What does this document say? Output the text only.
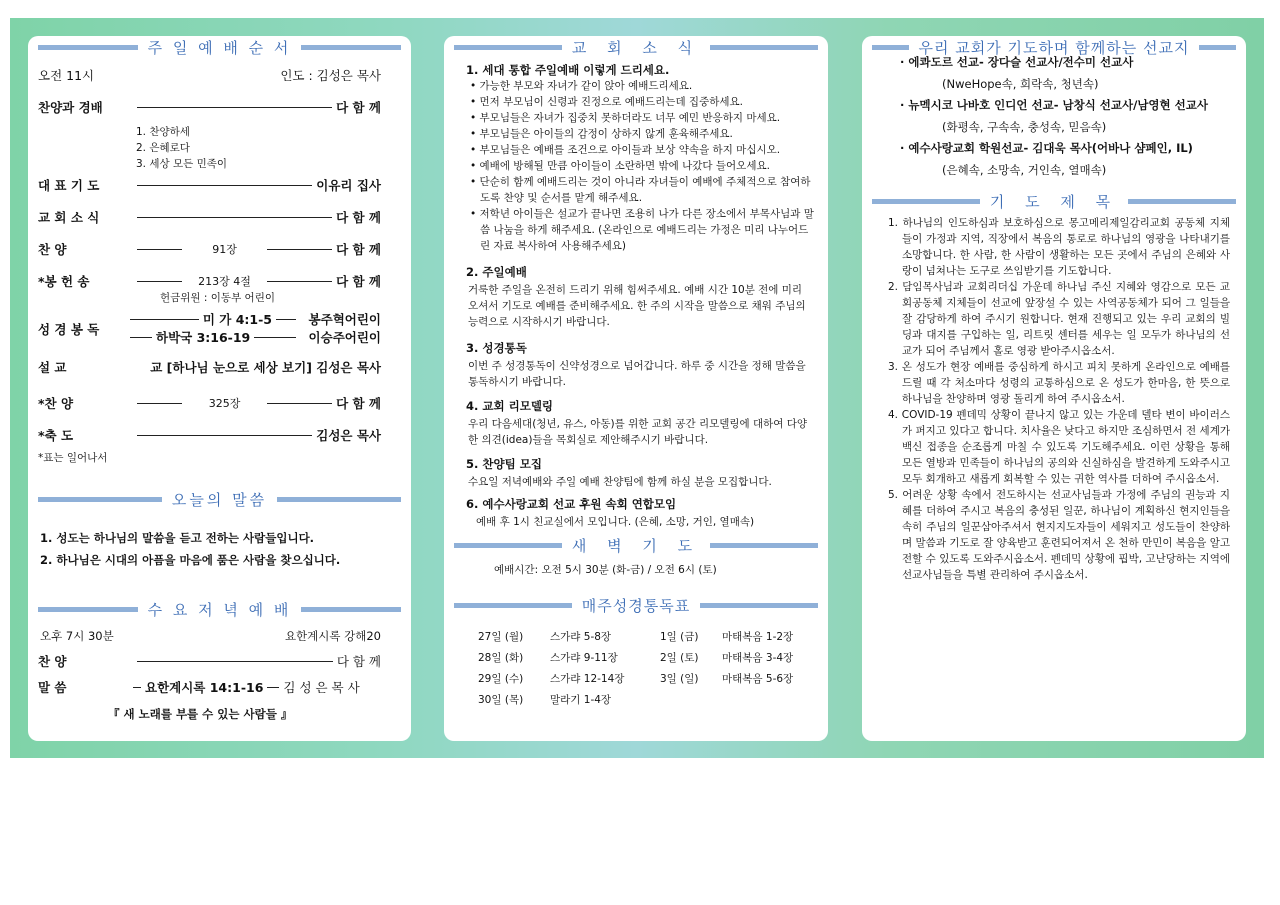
주 일 예 배 순 서
오전 11시	인도 : 김성은 목사
찬양과 경배	다 함 께
1. 찬양하세
2. 은혜로다
3. 세상 모든 민족이
대 표 기 도	이유리 집사
교 회 소 식	다 함 께
찬 양	91장	다 함 께
*봉 헌 송	213장 4절	다 함 께
헌금위원 : 이동부 어린이
성 경 봉 독
미 가 4:1-5	봉주혁어린이
하박국 3:16-19	이승주어린이
설 교	교 [하나님 눈으로 세상 보기] 김성은 목사
*찬 양	325장	다 함 께
*축 도	김성은 목사
*표는 일어나서
오늘의 말씀
1. 성도는 하나님의 말씀을 듣고 전하는 사람들입니다.
2. 하나님은 시대의 아픔을 마음에 품은 사람을 찾으십니다.
수 요 저 녁 예 배
오후 7시 30분	요한계시록 강해20
찬 양	다 함 께
말 씀	요한계시록 14:1-16 김 성 은 목 사
『 새 노래를 부를 수 있는 사람들 』
교 회 소 식
1. 세대 통합 주일예배 이렇게 드리세요.

• 가능한 부모와 자녀가 같이 앉아 예배드리세요.

• 먼저 부모님이 신령과 진정으로 예배드리는데 집중하세요.

• 부모님들은 자녀가 집중치 못하더라도 너무 예민 반응하지 마세요.

• 부모님들은 아이들의 감정이 상하지 않게 훈육해주세요.

• 부모님들은 예배를 조건으로 아이들과 보상 약속을 하지 마십시오.

• 예배에 방해될 만큼 아이들이 소란하면 밖에 나갔다 들어오세요.

• 단순히 함께 예배드리는 것이 아니라 자녀들이 예배에 주체적으로 참여하도록 찬양 및 순서를 맡게 해주세요.

• 저학년 아이들은 설교가 끝나면 조용히 나가 다른 장소에서 부목사님과 말씀 나눔을 하게 해주세요. (온라인으로 예배드리는 가정은 미리 나누어드린 자료 복사하여 사용해주세요)

2. 주일예배
거룩한 주일을 온전히 드리기 위해 힘써주세요. 예배 시간 10분 전에 미리 오셔서 기도로 예배를 준비해주세요. 한 주의 시작을 말씀으로 채워 주님의 능력으로 시작하시기 바랍니다.
3. 성경통독
이번 주 성경통독이 신약성경으로 넘어갑니다. 하루 중 시간을 정해 말씀을 통독하시기 바랍니다.
4. 교회 리모델링
우리 다음세대(청년, 유스, 아동)를 위한 교회 공간 리모델링에 대하여 다양한 의견(idea)들을 목회실로 제안해주시기 바랍니다.
5. 찬양팀 모집
수요일 저녁예배와 주일 예배 찬양팀에 함께 하실 분을 모집합니다.
6. 예수사랑교회 선교 후원 속회 연합모임
예배 후 1시 친교실에서 모입니다. (은혜, 소망, 거인, 열매속)
새 벽 기 도
예배시간: 오전 5시 30분 (화-금) / 오전 6시 (토)
매주성경통독표
27일 (월)	스가랴 5-8장	1일 (금)	마태복음 1-2장
28일 (화)	스가랴 9-11장	2일 (토)	마태복음 3-4장
29일 (수)	스가랴 12-14장	3일 (일)	마태복음 5-6장
30일 (목)	말라기 1-4장		
우리 교회가 기도하며 함께하는 선교지
· 에콰도르 선교- 장다슬 선교사/전수미 선교사
(NweHope속, 희락속, 청년속)
· 뉴멕시코 나바호 인디언 선교- 남창식 선교사/남영현 선교사
(화평속, 구속속, 충성속, 믿음속)
· 예수사랑교회 학원선교- 김대욱 목사(어바나 샴페인, IL)
(은혜속, 소망속, 거인속, 열매속)
기 도 제 목
1. 하나님의 인도하심과 보호하심으로 몽고메리제일감리교회 공동체 지체들이 가정과 지역, 직장에서 복음의 통로로 하나님의 영광을 나타내기를 소망합니다. 한 사람, 한 사람이 생활하는 모든 곳에서 주님의 은혜와 사랑이 넘쳐나는 도구로 쓰임받기를 기도합니다.
2. 담임목사님과 교회리더십 가운데 하나님 주신 지혜와 영감으로 모든 교회공동체 지체들이 선교에 앞장설 수 있는 사역공동체가 되어 그 일들을 잘 감당하게 하여 주시기 원합니다. 현재 진행되고 있는 우리 교회의 빌딩과 대지를 구입하는 일, 리트릿 센터를 세우는 일 모두가 하나님의 선교가 되어 주님께서 홀로 영광 받아주시옵소서.
3. 온 성도가 현장 예배를 중심하게 하시고 피치 못하게 온라인으로 예배를 드릴 때 각 처소마다 성령의 교통하심으로 온 성도가 한마음, 한 뜻으로 하나님을 찬양하며 영광 돌리게 하여 주시옵소서.
4. COVID-19 펜데믹 상황이 끝나지 않고 있는 가운데 델타 변이 바이러스가 퍼지고 있다고 합니다. 치사율은 낮다고 하지만 조심하면서 전 세계가 백신 접종을 순조롭게 마칠 수 있도록 기도해주세요. 이런 상황을 통해 모든 열방과 민족들이 하나님의 공의와 신실하심을 발견하게 도와주시고 모두 회개하고 새롭게 회복할 수 있는 귀한 역사를 더하여 주시옵소서.
5. 어려운 상황 속에서 전도하시는 선교사님들과 가정에 주님의 권능과 지혜를 더하여 주시고 복음의 충성된 일꾼, 하나님이 계획하신 현지인들을 속히 주님의 일꾼삼아주셔서 현지지도자들이 세워지고 성도들이 찬양하며 말씀과 기도로 잘 양육받고 훈련되어져서 온 천하 만민이 복음을 알고 전할 수 있도록 도와주시옵소서. 펜데믹 상황에 핍박, 고난당하는 지역에 선교사님들을 특별 관리하여 주시옵소서.
